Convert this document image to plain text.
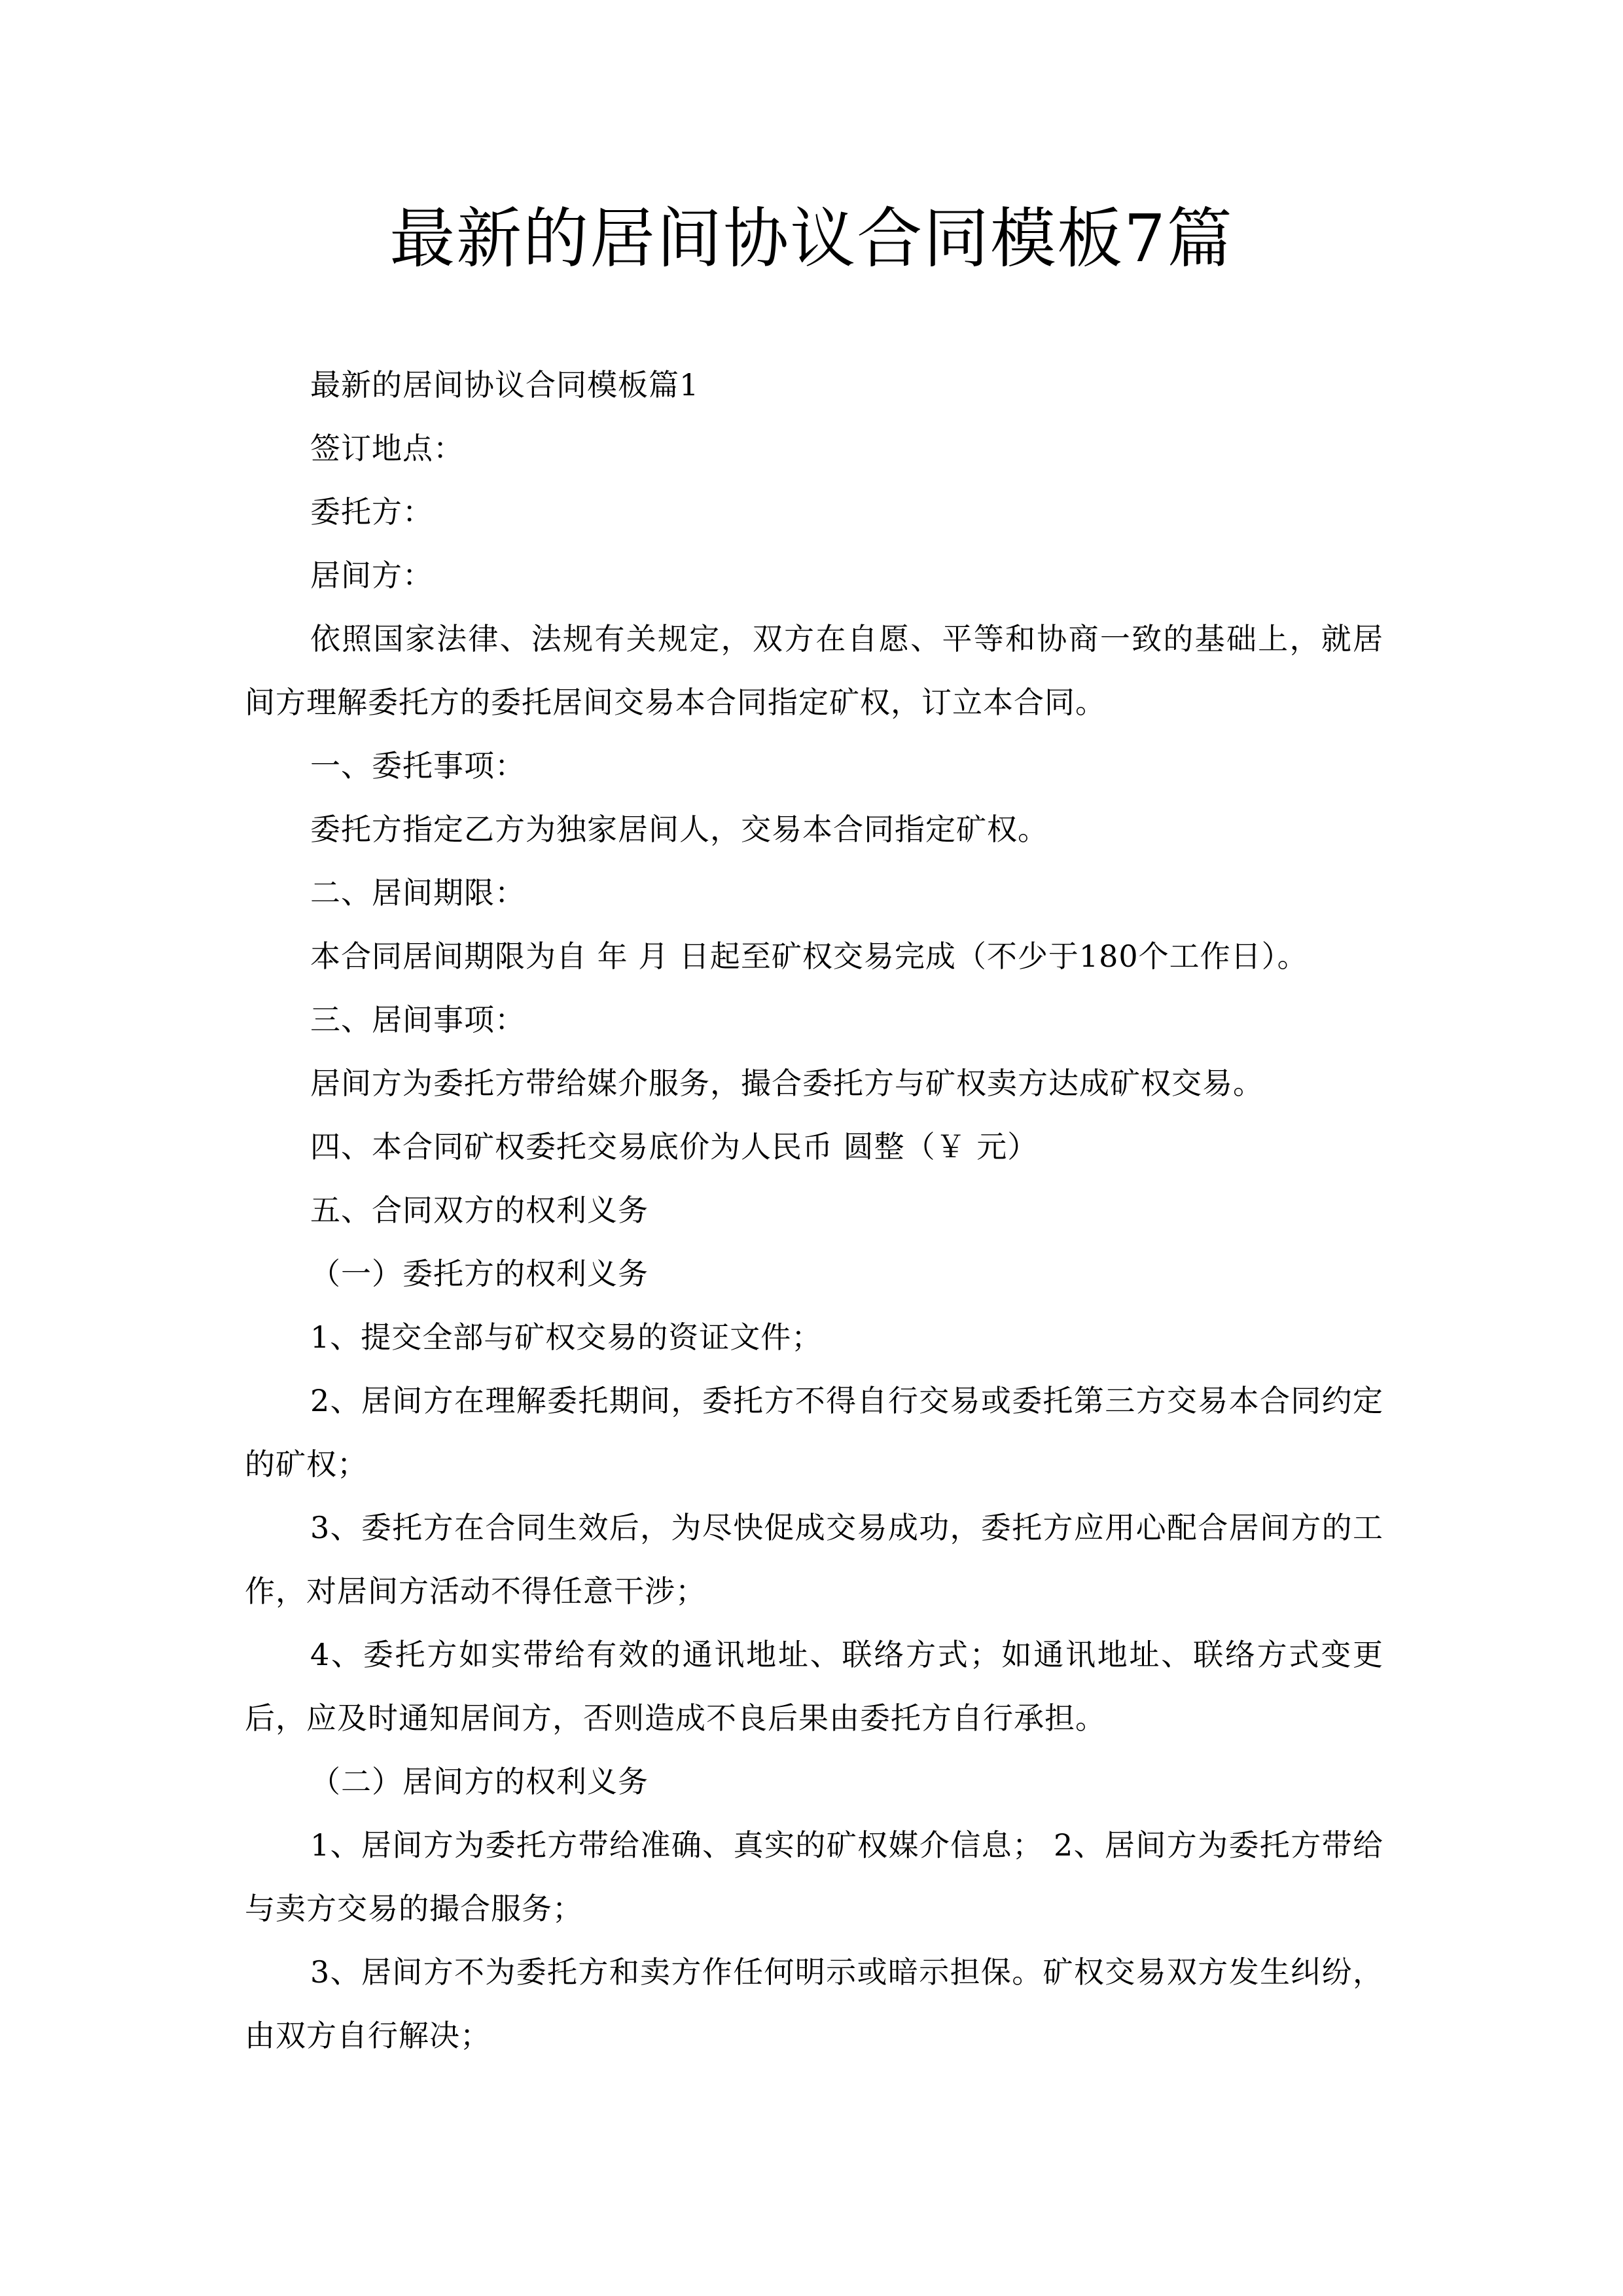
最新的居间协议合同模板7篇

最新的居间协议合同模板篇1

签订地点：

委托方：

居间方：

依照国家法律、法规有关规定，双方在自愿、平等和协商一致的基础上，就居间方理解委托方的委托居间交易本合同指定矿权，订立本合同。

一、委托事项：

委托方指定乙方为独家居间人，交易本合同指定矿权。

二、居间期限：

本合同居间期限为自 年 月 日起至矿权交易完成（不少于180个工作日）。

三、居间事项：

居间方为委托方带给媒介服务，撮合委托方与矿权卖方达成矿权交易。

四、本合同矿权委托交易底价为人民币 圆整（￥ 元）

五、合同双方的权利义务

（一）委托方的权利义务

1、提交全部与矿权交易的资证文件；

2、居间方在理解委托期间，委托方不得自行交易或委托第三方交易本合同约定的矿权；

3、委托方在合同生效后，为尽快促成交易成功，委托方应用心配合居间方的工作，对居间方活动不得任意干涉；

4、委托方如实带给有效的通讯地址、联络方式；如通讯地址、联络方式变更后，应及时通知居间方，否则造成不良后果由委托方自行承担。

（二）居间方的权利义务

1、居间方为委托方带给准确、真实的矿权媒介信息； 2、居间方为委托方带给与卖方交易的撮合服务；

3、居间方不为委托方和卖方作任何明示或暗示担保。矿权交易双方发生纠纷，由双方自行解决；
